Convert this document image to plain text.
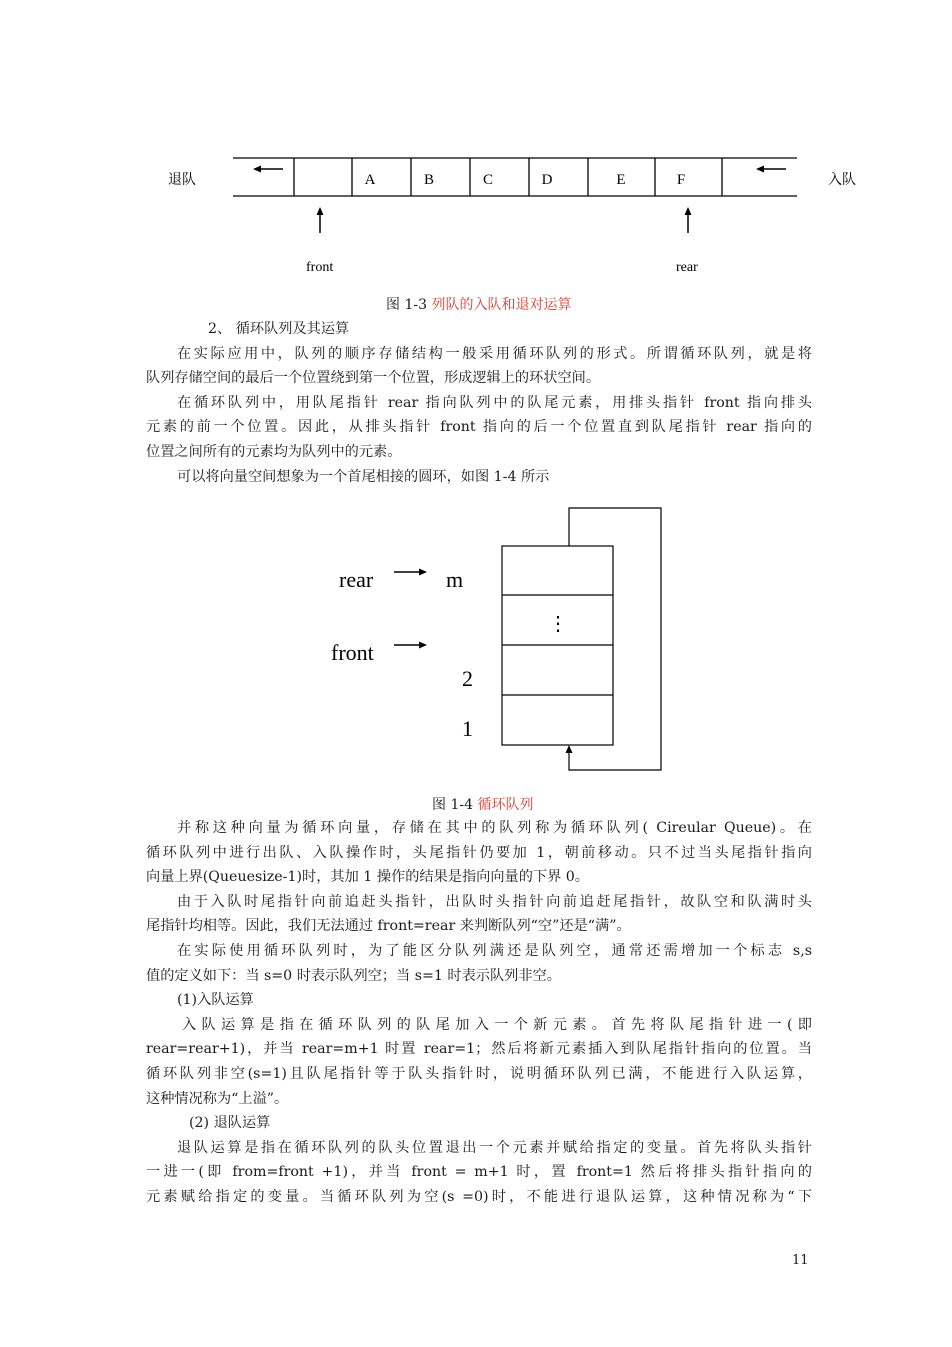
退队	入队
A	B	C	D	E	F
front	rear
图 1-3 列队的入队和退对运算

2、 循环队列及其运算

在实际应用中，队列的顺序存储结构一般采用循环队列的形式。所谓循环队列，就是将
队列存储空间的最后一个位置绕到第一个位置，形成逻辑上的环状空间。

在循环队列中，用队尾指针 rear 指向队列中的队尾元素，用排头指针 front 指向排头
元素的前一个位置。因此，从排头指针 front 指向的后一个位置直到队尾指针 rear 指向的
位置之间所有的元素均为队列中的元素。

可以将向量空间想象为一个首尾相接的圆环，如图 1-4 所示

⋮
rear
front
m
2
1
图 1-4 循环队列

并称这种向量为循环向量，存储在其中的队列称为循环队列( Cireular Queue)。在
循环队列中进行出队、入队操作时，头尾指针仍要加 1，朝前移动。只不过当头尾指针指向
向量上界(Queuesize-1)时，其加 1 操作的结果是指向向量的下界 0。

由于入队时尾指针向前追赶头指针，出队时头指针向前追赶尾指针，故队空和队满时头
尾指针均相等。因此，我们无法通过 front=rear 来判断队列“空”还是“满”。

在实际使用循环队列时，为了能区分队列满还是队列空，通常还需增加一个标志 s,s
值的定义如下：当 s=0 时表示队列空；当 s=1 时表示队列非空。

(1)入队运算

入队运算是指在循环队列的队尾加入一个新元素。首先将队尾指针进一(即
rear=rear+1)，并当 rear=m+1 时置 rear=1；然后将新元素插入到队尾指针指向的位置。当
循环队列非空(s=1)且队尾指针等于队头指针时，说明循环队列已满，不能进行入队运算，
这种情况称为“上溢”。

(2) 退队运算

退队运算是指在循环队列的队头位置退出一个元素并赋给指定的变量。首先将队头指针
一进一(即 from=front +1)，并当 front = m+1 时，置 front=1 然后将排头指针指向的
元素赋给指定的变量。当循环队列为空(s =0)时，不能进行退队运算，这种情况称为“下

11
